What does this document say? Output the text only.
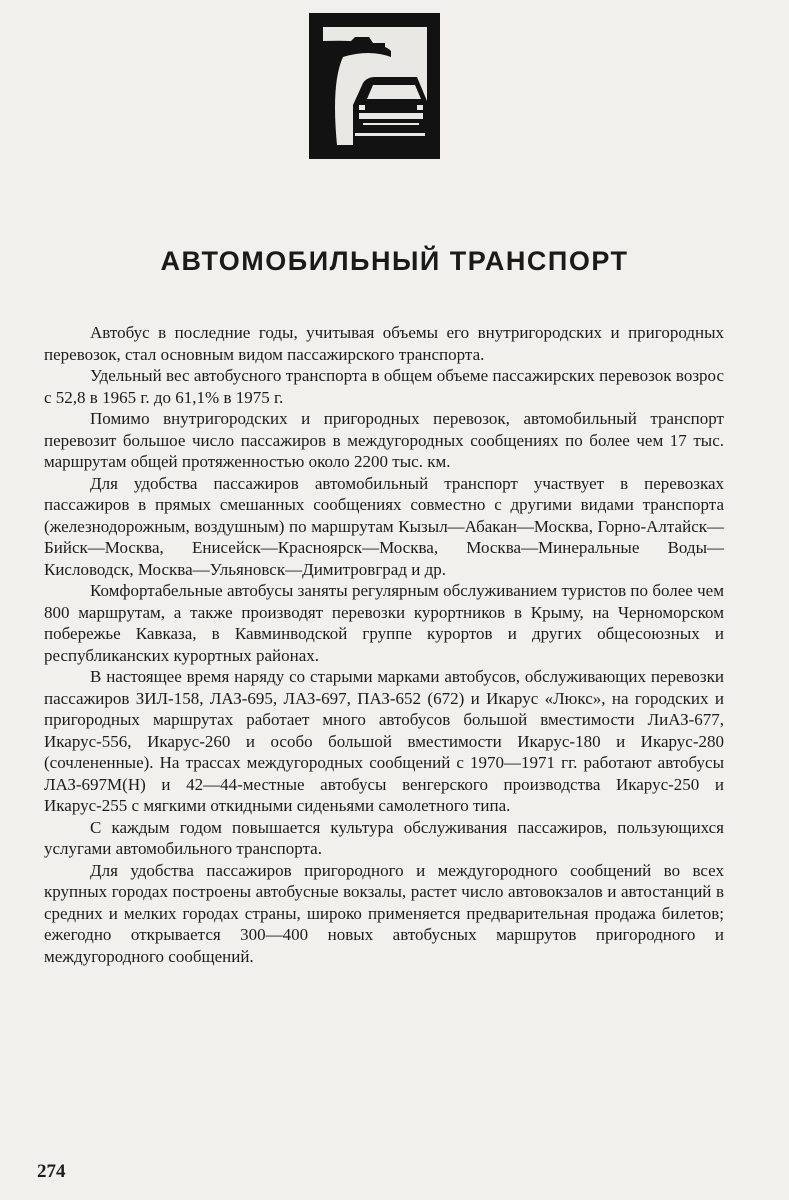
АВТОМОБИЛЬНЫЙ ТРАНСПОРТ

Автобус в последние годы, учитывая объемы его внутригородских и пригородных перевозок, стал основным видом пассажирского транспорта.

Удельный вес автобусного транспорта в общем объеме пассажирских перевозок возрос с 52,8 в 1965 г. до 61,1% в 1975 г.

Помимо внутригородских и пригородных перевозок, автомобильный транспорт перевозит большое число пассажиров в междугородных сообщениях по более чем 17 тыс. маршрутам общей протяженностью около 2200 тыс. км.

Для удобства пассажиров автомобильный транспорт участвует в перевозках пассажиров в прямых смешанных сообщениях совместно с другими видами транспорта (железнодорожным, воздушным) по маршрутам Кызыл—Абакан—Москва, Горно-Алтайск—Бийск—Москва, Енисейск—Красноярск—Москва, Москва—Минеральные Воды—Кисловодск, Москва—Ульяновск—Димитровград и др.

Комфортабельные автобусы заняты регулярным обслуживанием туристов по более чем 800 маршрутам, а также производят перевозки курортников в Крыму, на Черноморском побережье Кавказа, в Кавминводской группе курортов и других общесоюзных и республиканских курортных районах.

В настоящее время наряду со старыми марками автобусов, обслуживающих перевозки пассажиров ЗИЛ-158, ЛАЗ-695, ЛАЗ-697, ПАЗ-652 (672) и Икарус «Люкс», на городских и пригородных маршрутах работает много автобусов большой вместимости ЛиАЗ-677, Икарус-556, Икарус-260 и особо большой вместимости Икарус-180 и Икарус-280 (сочлененные). На трассах междугородных сообщений с 1970—1971 гг. работают автобусы ЛАЗ-697М(Н) и 42—44-местные автобусы венгерского производства Икарус-250 и Икарус-255 с мягкими откидными сиденьями самолетного типа.

С каждым годом повышается культура обслуживания пассажиров, пользующихся услугами автомобильного транспорта.

Для удобства пассажиров пригородного и междугородного сообщений во всех крупных городах построены автобусные вокзалы, растет число автовокзалов и автостанций в средних и мелких городах страны, широко применяется предварительная продажа билетов; ежегодно открывается 300—400 новых автобусных маршрутов пригородного и междугородного сообщений.

274
